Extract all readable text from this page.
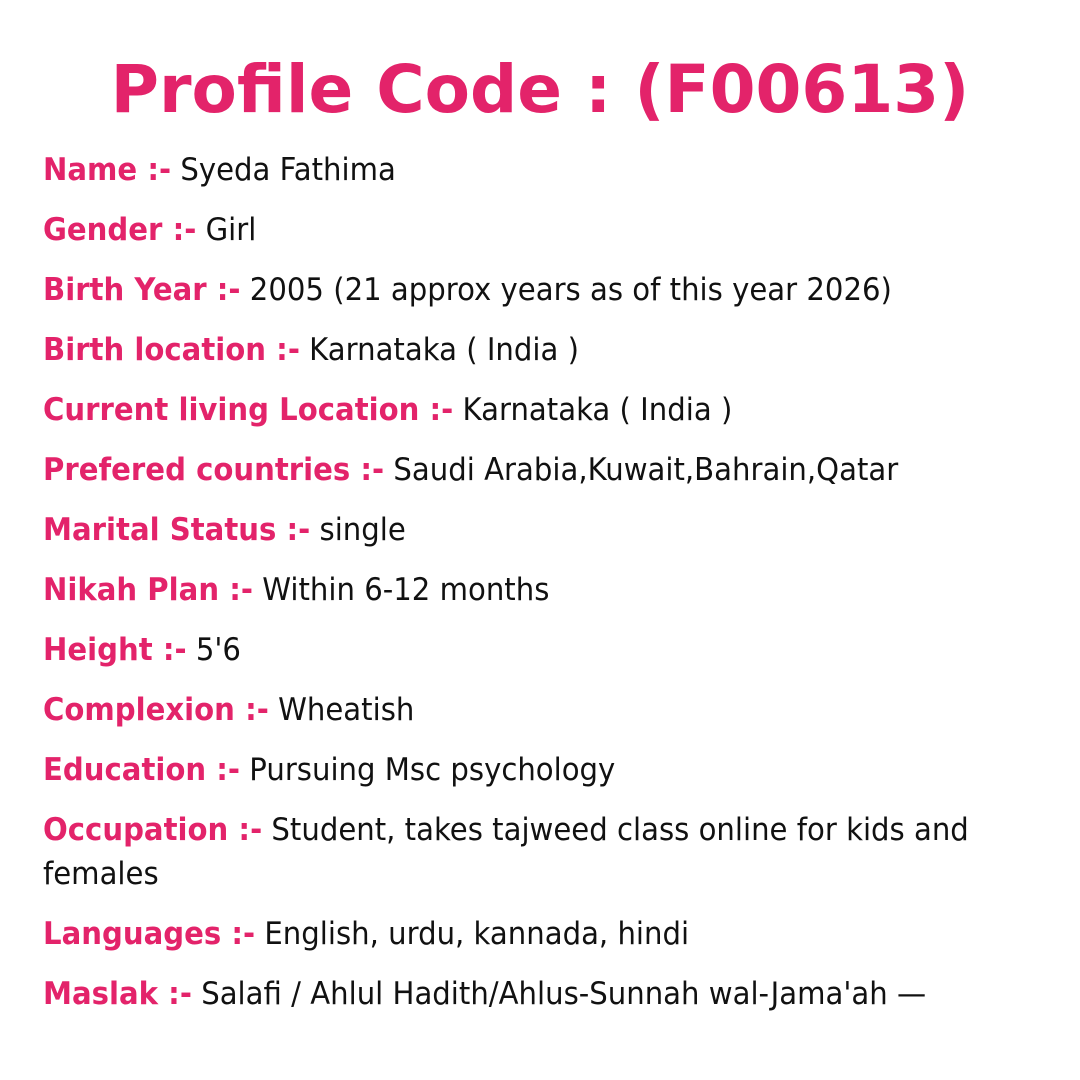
Profile Code : (F00613)
Name :- Syeda Fathima
Gender :- Girl
Birth Year :- 2005 (21 approx years as of this year 2026)
Birth location :- Karnataka ( India )
Current living Location :- Karnataka ( India )
Prefered countries :- Saudi Arabia,Kuwait,Bahrain,Qatar
Marital Status :- single
Nikah Plan :- Within 6-12 months
Height :- 5'6
Complexion :- Wheatish
Education :- Pursuing Msc psychology
Occupation :- Student, takes tajweed class online for kids and females
Languages :- English, urdu, kannada, hindi
Maslak :- Salafi / Ahlul Hadith/Ahlus-Sunnah wal-Jama'ah —
